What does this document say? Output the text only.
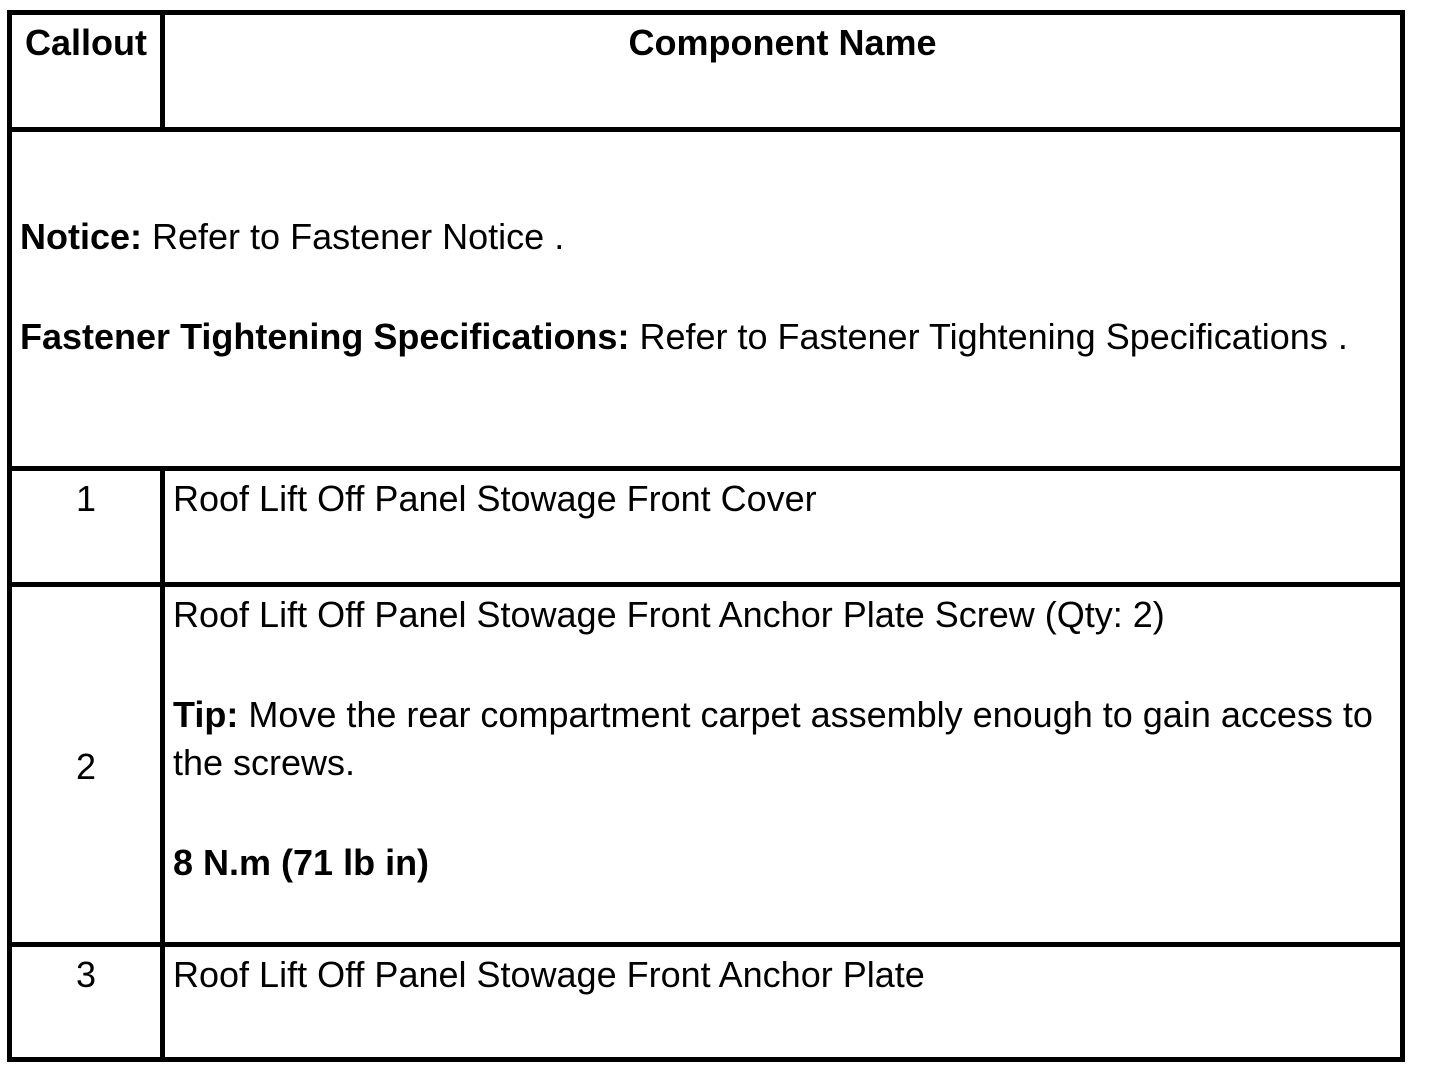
Callout	Component Name

Notice: Refer to Fastener Notice .

Fastener Tightening Specifications: Refer to Fastener Tightening Specifications .	

1	Roof Lift Off Panel Stowage Front Cover

2	Roof Lift Off Panel Stowage Front Anchor Plate Screw (Qty: 2)

Tip: Move the rear compartment carpet assembly enough to gain access to the screws.

8 N.m (71 lb in)

3	Roof Lift Off Panel Stowage Front Anchor Plate
